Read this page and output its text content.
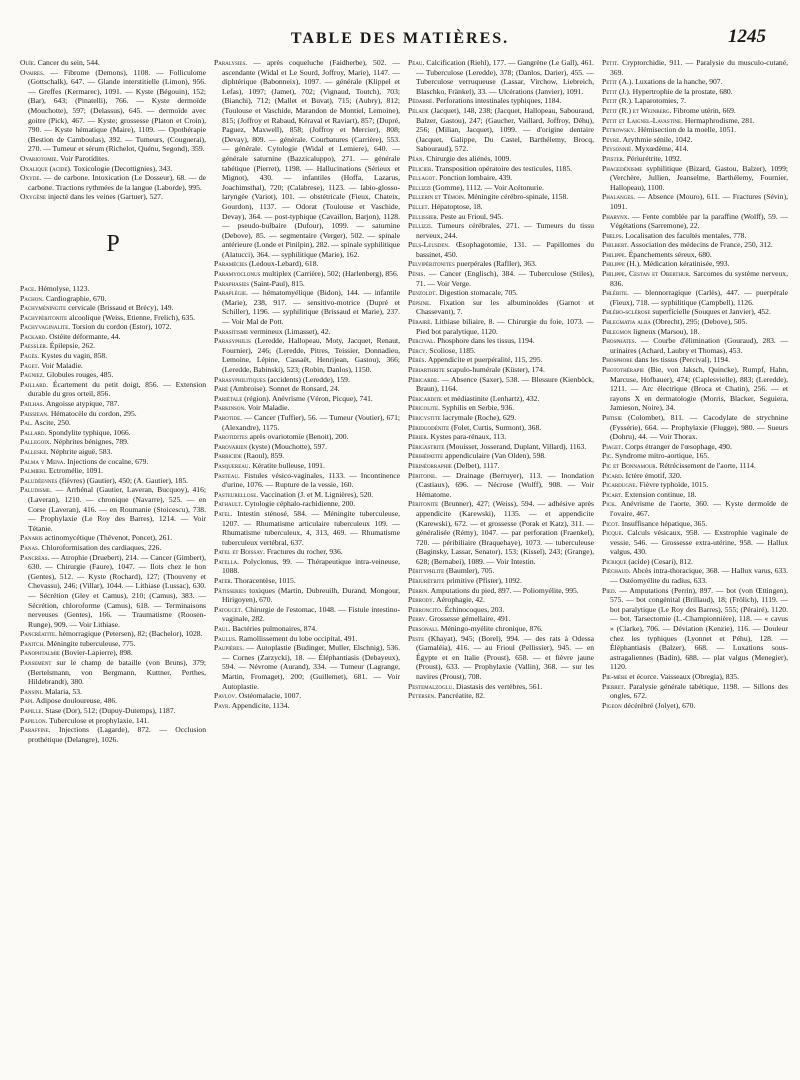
TABLE DES MATIÈRES.	1245

Ouïe. Cancer du sein, 544.

Ovaires. — Fibrome (Demons), 1108. — Folliculome (Gottschalk), 647. — Glande interstitielle (Limon), 956. — Greffes (Kermarec), 1091. — Kyste (Bégouin), 152; (Bar), 643; (Pinatelli), 766. — Kyste dermoïde (Mouchotte), 597; (Delassus), 645. — dermoïde avec goitre (Pick), 467. — Kyste; grossesse (Platon et Croin), 790. — Kyste hématique (Maire), 1109. — Opothérapie (Bestion de Camboulas), 392. — Tumeurs, (Couguerai), 270. — Tumeur et sérum (Richelot, Quénu, Segond), 359.

Ovariotomie. Voir Parotidites.

Oxalique (acide). Toxicologie (Decottignies), 343.

Oxyde. — de carbone. Intoxication (Le Dosseur), 68. — de carbone. Tractions rythmées de la langue (Laborde), 995.

Oxygène injecté dans les veines (Gartuer), 527.

P

Pace. Hémolyse, 1123.

Pachon. Cardiographie, 670.

Pachyméningite cervicale (Brissaud et Brécy), 149.

Pachypéritonite alcoolique (Weiss, Etienne, Frelich), 635.

Pachyvaginalite. Torsion du cordon (Estor), 1072.

Packard. Ostéite déformante, 44.

Paessler. Épilepsie, 262.

Pagès. Kystes du vagin, 858.

Paget. Voir Maladie.

Pagniez. Globules rouges, 485.

Paillard. Écartement du petit doigt, 856. — Extension durable du gros orteil, 856.

Pailhas. Angoisse atypique, 787.

Paissiean. Hématocèle du cordon, 295.

Pal. Ascite, 250.

Pallard. Spondylite typhique, 1066.

Pallegoix. Néphrites bénignes, 789.

Palleske. Néphrite aiguë, 583.

Palma y Mena. Injections de cocaïne, 679.

Palmieri. Ectromélie, 1091.

Paludéennes (fièvres) (Gautier), 450; (A. Gautier), 185.

Paludisme. — Arrhénal (Gautier, Laveran, Bucquoy), 416; (Laveran), 1210. — chronique (Navarre), 525. — en Corse (Laveran), 416. — en Roumanie (Stoicescu), 738. — Prophylaxie (Le Roy des Barres), 1214. — Voir Tétanie.

Panaris actinomycétique (Thévenot, Poncet), 261.

Panas. Chloroformisation des cardiaques, 226.

Pancréas. — Atrophie (Druebert), 214. — Cancer (Gimbert), 630. — Chirurgie (Faure), 1047. — Ilots chez le hon (Gentes), 512. — Kyste (Rochard), 127; (Thouveny et Chevassu), 246; (Villar), 1044. — Lithiase (Lussac), 630. — Sécrétion (Gley et Camus), 210; (Camus), 383. — Sécrétion, chloroforme (Camus), 618. — Terminaisons nerveuses (Gentes), 166. — Traumatisme (Roosen-Runge), 909. — Voir Lithiase.

Pancréatite. hémorragique (Petersen), 82; (Bachelor), 1028.

Panitch. Méningite tuberculeuse, 775.

Panophtalmie (Bovier-Lapierre), 898.

Pansement sur le champ de bataille (von Bruns), 379; (Bertelsmann, von Bergmann, Kuttner, Perthes, Hildebrandt), 380.

Pansini. Malaria, 53.

Papi. Adipose douloureuse, 486.

Papille. Stase (Dor), 512; (Dupuy-Dutemps), 1187.

Papillon. Tuberculose et prophylaxie, 141.

Paraffine. Injections (Lagarde), 872. — Occlusion prothétique (Delangre), 1026.

Paralysies. — après coqueluche (Faidherbe), 502. — ascendante (Widal et Le Sourd, Joffroy, Marie), 1147. — diphtérique (Babonneix), 1097. — générale (Klippel et Lefas), 1097; (Jamet), 702; (Vignaud, Toutch), 703; (Bianchi), 712; (Mallet et Buvat), 715; (Aubry), 812; (Toulouse et Vaschide, Marandon de Montiel, Lemoine), 815; (Joffroy et Rabaud, Kéraval et Raviart), 857; (Dupré, Paguez, Maxwell), 858; (Joffroy et Mercier), 808; (Devay), 809. — générale. Courbatures (Carrière), 553. — générale. Cytologie (Widal et Lemiere), 640. — générale saturnine (Bazzicaluppo), 271. — générale tabétique (Pierret), 1198. — Hallucinations (Sérieux et Mignot), 430. — infantiles (Hoffa, Lazarus, Joachimsthal), 720; (Calabrese), 1123. — labio-glosso-laryngée (Variot), 101. — obstétricale (Fieux, Chateix, Gourdon), 1137. — Odorat (Toulouse et Vaschide, Devay), 364. — post-typhique (Cavaillon, Barjon), 1128. — pseudo-bulbaire (Dufour), 1099. — saturnine (Debove), 85. — segmentaire (Verger), 502. — spinale antérieure (Londe et Pinilpin), 282. — spinale syphilitique (Alatucci), 364. — syphilitique (Marie), 162.

Paramécies (Ledoux-Lebard), 618.

Paramyoclonus multiplex (Carrière), 502; (Harlenberg), 856.

Paraphasies (Saint-Paul), 815.

Paraplégie. — hématomyélique (Bidon), 144. — infantile (Marie), 238, 917. — sensitivo-motrice (Dupré et Schiller), 1196. — syphilitique (Brissaud et Marie), 237. — Voir Mal de Pott.

Parasitisme vermineux (Limasset), 42.

Parasyphilis (Leredde, Hallopeau, Moty, Jacquet, Renaut, Fournier), 246; (Leredde, Pitres, Teissier, Donnadieu, Lemoine, Lépine, Cassaët, Henrijean, Gastou), 366; (Leredde, Babinski), 523; (Robin, Danlos), 1150.

Parasyphilitiques (accidents) (Leredde), 159.

Paré (Ambroise). Sonnet de Ronsard, 24.

Pariétale (région). Anévrisme (Véron, Picque), 741.

Parkinson. Voir Maladie.

Parotide. — Cancer (Tuffier), 56. — Tumeur (Voutier), 671; (Alexandre), 1175.

Parotidites après ovariotomie (Benoit), 200.

Parovarien (kyste) (Mouchotte), 597.

Parricide (Raoul), 859.

Pasquereau. Kératite bulleuse, 1091.

Pasteau. Fistules vésico-vaginales, 1133. — Incontinence d'urine, 1076. — Rupture de la vessie, 160.

Pasteurellose. Vaccination (J. et M. Lignières), 520.

Pathault. Cytologie céphalo-rachidienne, 200.

Patel. Intestin sténosé, 584. — Méningite tuberculeuse, 1207. — Rhumatisme articulaire tuberculeux 109. — Rhumatisme tuberculeux, 4, 313, 469. — Rhumatisme tuberculeux vertébral, 637.

Patel et Boissay. Fractures du rocher, 936.

Patella. Polyclonus, 99. — Thérapeutique intra-veineuse, 1088.

Pater. Thoracentèse, 1015.

Pâtisseries toxiques (Martin, Dubreuilh, Durand, Mongour, Hirigoyen), 670.

Patoucet. Chirurgie de l'estomac, 1048. — Fistule intestino-vaginale, 282.

Paul. Bactéries pulmonaires, 874.

Paulus. Ramollissement du lobe occipital, 491.

Paupières. — Autoplastie (Budinger, Muller, Elschnig), 536. — Cornes (Zarzycki), 18. — Éléphantiasis (Debayeux), 594. — Névrome (Aurand), 334. — Tumeur (Lagrange, Martin, Fromaget), 200; (Guillemet), 681. — Voir Autoplastie.

Pavlov. Ostéomalacie, 1007.

Payr. Appendicite, 1134.

Peau. Calcification (Riehl), 177. — Gangrène (Le Gall), 461. — Tuberculose (Leredde), 378; (Danlos, Darier), 455. — Tuberculose verruqueuse (Lassar, Virchow, Liebreich, Blaschko, Fränkel), 33. — Ulcérations (Janvier), 1091.

Pédarré. Perforations intestinales typhiques, 1184.

Pelade (Jacquet), 148, 238; (Jacquet, Hallopeau, Sabouraud, Balzer, Gastou), 247; (Gaucher, Vaillard, Joffroy, Déhu), 256; (Milian, Jacquet), 1099. — d'origine dentaire (Jacquet, Galippe, Du Castel, Barthélemy, Brocq, Sabouraud), 572.

Péan. Chirurgie des aliénés, 1009.

Pélicier. Transposition opératoire des testicules, 1185.

Pellagot. Ponction lombaire, 439.

Pellizzi (Gomme), 1112. — Voir Acétonurie.

Pellerin et Témoin. Méningite cérébro-spinale, 1158.

Pellet. Hépatoptose, 18.

Pellissier. Peste au Frioul, 945.

Pellizzi. Tumeurs cérébrales, 271. — Tumeurs du tissu nerveux, 244.

Pels-Leusden. Œsophagotomie, 131. — Papillomes du bassinet, 450.

Pelvipéritonites puerpérales (Rafller), 363.

Pénis. — Cancer (Englisch), 384. — Tuberculose (Stiles), 71. — Voir Verge.

Penzoldt. Digestion stomacale, 705.

Pepsine. Fixation sur les albuminoïdes (Garnot et Chassevant), 7.

Pérairé. Lithiase biliaire, 8. — Chirurgie du foie, 1073. — Pied bot paralytique, 1120.

Percival. Phosphore dans les tissus, 1194.

Percy. Scoliose, 1185.

Pérès. Appendicite et puerpéralité, 115, 295.

Periarthrite scapulo-humérale (Küster), 174.

Péricarde. — Absence (Saxer), 538. — Blessure (Kienböck, Braun), 1164.

Péricardite et médiastinite (Lenhartz), 432.

Péricolite. Syphilis en Serbie, 936.

Péricystite lacrymale (Roche), 629.

Périduodénite (Folet, Curtis, Surmont), 368.

Périer. Kystes para-rénaux, 113.

Périgastrite (Mouisset, Josserand, Duplant, Villard), 1163.

Périhépatite appendiculaire (Van Olden), 598.

Périnéorraphie (Delbet), 1117.

Péritoine. — Drainage (Berruyer), 113. — Inondation (Castiaux), 696. — Nécrose (Wolff), 908. — Voir Hématome.

Péritonite (Brunner), 427; (Weiss), 594. — adhésive après appendicite (Karewski), 1135. — et appendicite (Karewski), 672. — et grossesse (Porak et Katz), 311. — généralisée (Rémy), 1047. — par perforation (Fraenkel), 720. — péribiliaire (Braquehaye), 1073. — tuberculeuse (Baginsky, Lassar, Senator), 153; (Kissel), 243; (Grange), 628; (Bernabei), 1089. — Voir Intestin.

Pérityphlite (Baumler), 705.

Périurétrite primitive (Pfister), 1092.

Perrin. Amputations du pied, 897. — Poliomyélite, 995.

Perrody. Aérophagie, 42.

Perroncito. Échinocoques, 203.

Perry. Grossesse gémellaire, 491.

Personali. Méningo-myélite chronique, 876.

Peste (Khayat), 945; (Borel), 994. — des rats à Odessa (Gamaléia), 416. — au Frioul (Pellissier), 945. — en Égypte et en Italie (Proust), 658. — et fièvre jaune (Proust), 633. — Prophylaxie (Vallin), 368. — sur les navires (Proust), 708.

Pestemalzoglu. Diastasis des vertèbres, 561.

Petersen. Pancréatite, 82.

Petit. Cryptorchidie, 911. — Paralysie du musculo-cutané, 369.

Petit (A.). Luxations de la hanche, 907.

Petit (J.). Hypertrophie de la prostate, 680.

Petit (R.). Laparotomies, 7.

Petit (R.) et Weinberg. Fibrome utérin, 669.

Petit et Laignel-Lavastine. Hermaphrodisme, 281.

Petrowsky. Hémisection de la moelle, 1051.

Peyre. Arythmie sénile, 1042.

Peysonnié. Myxœdème, 414.

Pfister. Périurétrite, 1092.

Phagedénisme syphilitique (Bizard, Gastou, Balzer), 1099; (Verchère, Jullien, Jeanselme, Barthélemy, Fournier, Hallopeau), 1100.

Phalanges. — Absence (Mouro), 611. — Fractures (Sévin), 1091.

Pharynx. — Fente comblée par la paraffine (Wolff), 59. — Végétations (Sarremone), 22.

Phelps. Localisation des facultés mentales, 778.

Philbert. Association des médecins de France, 250, 312.

Philippe. Épanchements séreux, 680.

Philippe (H.). Médication kératinisée, 993.

Philippe, Cestan et Oberthur. Sarcomes du système nerveux, 836.

Phlébite. — blennorragique (Carlès), 447. — puerpérale (Fieux), 718. — syphilitique (Campbell), 1126.

Phlébo-sclérose superficielle (Souques et Janvier), 452.

Phlegmatia alba (Obrecht), 295; (Debove), 505.

Phlegmon ligneux (Marsou), 18.

Phosphates. — Courbe d'élimination (Gouraud), 283. — urinaires (Achard, Laubry et Thomas), 453.

Phosphore dans les tissus (Percival), 1194.

Photothérapie (Bie, von Jaksch, Quincke), Rumpf, Hahn, Marcuse, Hofbauer), 474; (Caplesvielle), 883; (Leredde), 1211. — Arc électrique (Broca et Chatin), 256. — et rayons X en dermatologie (Morris, Blacker, Seguiera, Jamieson, Noire), 34.

Phtisie (Colombet), 811. — Cacodylate de strychnine (Fyssérie), 664. — Prophylaxie (Flugge), 980. — Sueurs (Dohru), 44. — Voir Thorax.

Piaget. Corps étranger de l'œsophage, 490.

Pic. Syndrome mitro-aortique, 165.

Pic et Bonnamour. Rétrécissement de l'aorte, 1114.

Picard. Ictère émotif, 320.

Picardugne. Fièvre typhoïde, 1015.

Picart. Extension continue, 18.

Pick. Anévrisme de l'aorte, 360. — Kyste dermoïde de l'ovaire, 467.

Picot. Insuffisance hépatique, 365.

Picque. Calculs vésicaux, 958. — Exstrophie vaginale de vessie. 546. — Grossesse extra-utérine, 958. — Hallux valgus, 430.

Picrique (acide) (Cesari), 812.

Piéchaud. Abcès intra-thoracique, 368. — Hallux varus, 633. — Ostéomyélite du radius, 633.

Pied. — Amputations (Perrin), 897. — bot (von Œttingen), 575. — bot congénital (Brillaud), 18; (Frölich), 1119. — bot paralytique (Le Roy des Barres), 555; (Pérairé), 1120. — bot. Tarsectomie (L.-Championnière), 118. — « cavus » (Clarke), 706. — Déviation (Kenzie), 116. — Douleur chez les typhiques (Lyonnet et Péhu), 128. — Éléphantiasis (Balzer), 668. — Luxations sous-astragaliennes (Badin), 688. — plat valgus (Menegier), 1120.

Pie-mère et écorce. Vaisseaux (Obregia), 835.

Pierret. Paralysie générale tabétique, 1198. — Sillons des ongles, 672.

Pigeon décérébré (Jolyet), 670.
